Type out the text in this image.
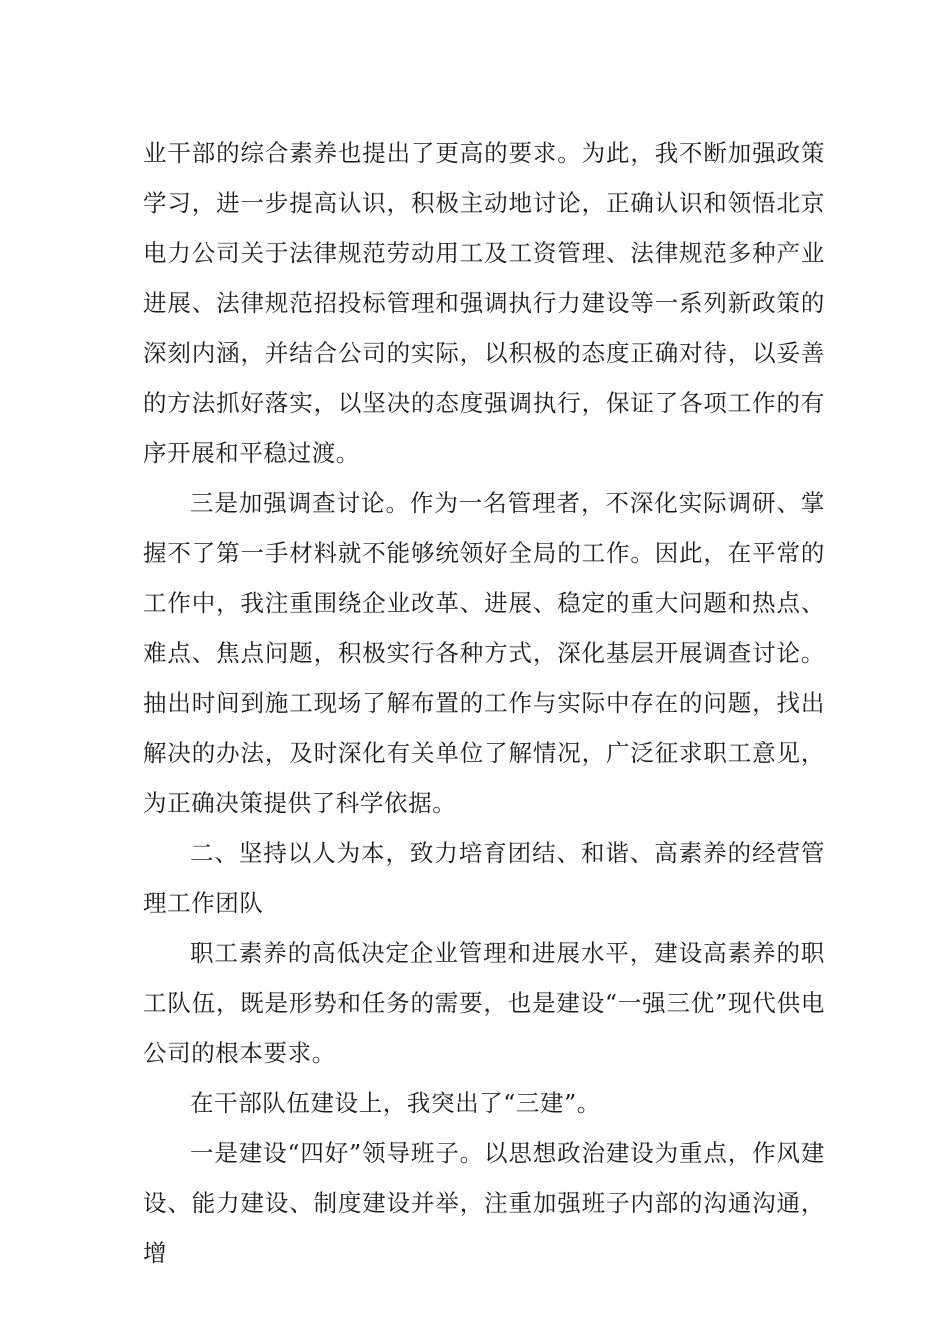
业干部的综合素养也提出了更高的要求。为此，我不断加强政策学习，进一步提高认识，积极主动地讨论，正确认识和领悟北京电力公司关于法律规范劳动用工及工资管理、法律规范多种产业进展、法律规范招投标管理和强调执行力建设等一系列新政策的深刻内涵，并结合公司的实际，以积极的态度正确对待，以妥善的方法抓好落实，以坚决的态度强调执行，保证了各项工作的有序开展和平稳过渡。

三是加强调查讨论。作为一名管理者，不深化实际调研、掌握不了第一手材料就不能够统领好全局的工作。因此，在平常的工作中，我注重围绕企业改革、进展、稳定的重大问题和热点、难点、焦点问题，积极实行各种方式，深化基层开展调查讨论。抽出时间到施工现场了解布置的工作与实际中存在的问题，找出解决的办法，及时深化有关单位了解情况，广泛征求职工意见，为正确决策提供了科学依据。

二、坚持以人为本，致力培育团结、和谐、高素养的经营管理工作团队

职工素养的高低决定企业管理和进展水平，建设高素养的职工队伍，既是形势和任务的需要，也是建设“一强三优”现代供电公司的根本要求。

在干部队伍建设上，我突出了“三建”。

一是建设“四好”领导班子。以思想政治建设为重点，作风建设、能力建设、制度建设并举，注重加强班子内部的沟通沟通，增
